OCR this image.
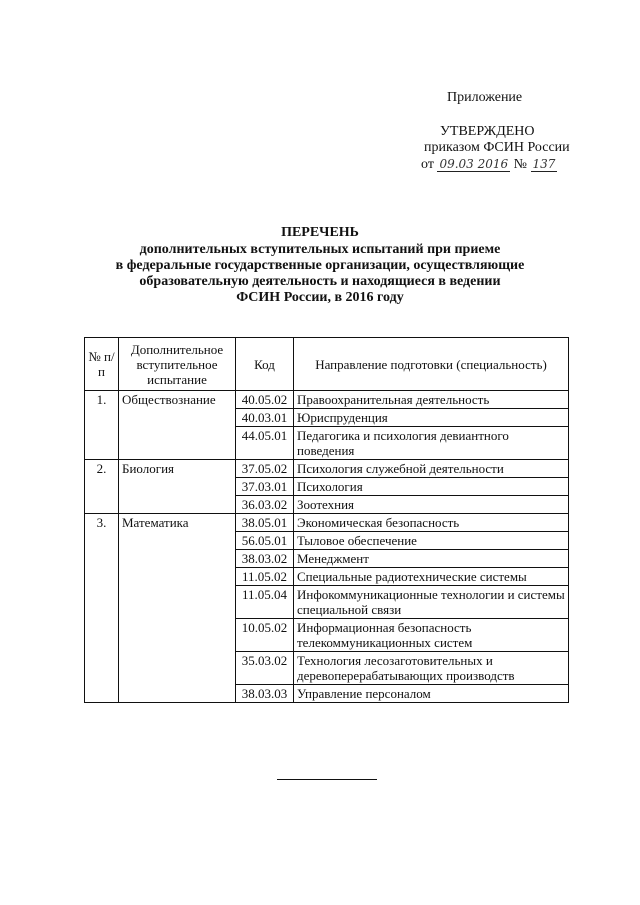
Приложение
УТВЕРЖДЕНО
приказом ФСИН России
от 09.03 2016 № 137
ПЕРЕЧЕНЬ
дополнительных вступительных испытаний при приеме
в федеральные государственные организации, осуществляющие
образовательную деятельность и находящиеся в ведении
ФСИН России, в 2016 году
№ п/п	Дополнительное вступительное испытание	Код	Направление подготовки (специальность)
1.	Обществознание	40.05.02	Правоохранительная деятельность
		40.03.01	Юриспруденция
		44.05.01	Педагогика и психология девиантного поведения
2.	Биология	37.05.02	Психология служебной деятельности
		37.03.01	Психология
		36.03.02	Зоотехния
3.	Математика	38.05.01	Экономическая безопасность
		56.05.01	Тыловое обеспечение
		38.03.02	Менеджмент
		11.05.02	Специальные радиотехнические системы
		11.05.04	Инфокоммуникационные технологии и системы специальной связи
		10.05.02	Информационная безопасность телекоммуникационных систем
		35.03.02	Технология лесозаготовительных и деревоперерабатывающих производств
		38.03.03	Управление персоналом
